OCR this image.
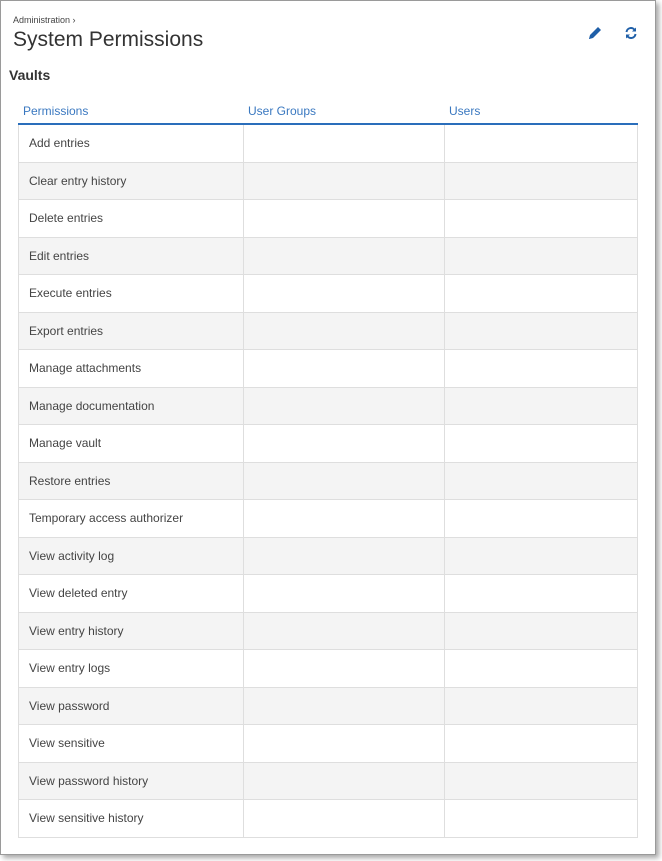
Administration ›
System Permissions
Vaults
Permissions	User Groups	Users
Add entries
Clear entry history
Delete entries
Edit entries
Execute entries
Export entries
Manage attachments
Manage documentation
Manage vault
Restore entries
Temporary access authorizer
View activity log
View deleted entry
View entry history
View entry logs
View password
View sensitive
View password history
View sensitive history
